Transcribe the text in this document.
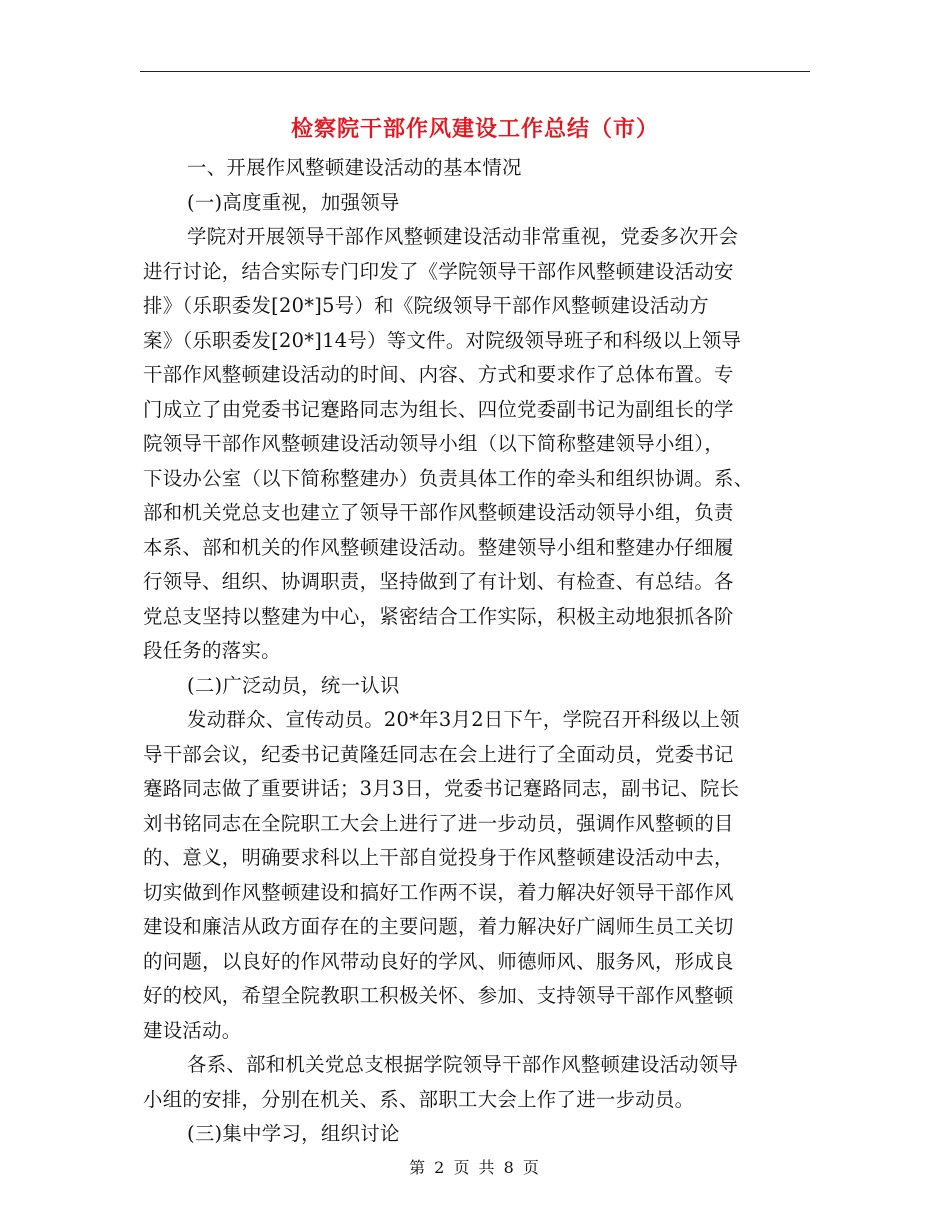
检察院干部作风建设工作总结（市）
一、开展作风整顿建设活动的基本情况
(一)高度重视，加强领导
学院对开展领导干部作风整顿建设活动非常重视，党委多次开会
进行讨论，结合实际专门印发了《学院领导干部作风整顿建设活动安
排》（乐职委发[20*]5号）和《院级领导干部作风整顿建设活动方
案》（乐职委发[20*]14号）等文件。对院级领导班子和科级以上领导
干部作风整顿建设活动的时间、内容、方式和要求作了总体布置。专
门成立了由党委书记蹇路同志为组长、四位党委副书记为副组长的学
院领导干部作风整顿建设活动领导小组（以下简称整建领导小组），
下设办公室（以下简称整建办）负责具体工作的牵头和组织协调。系、
部和机关党总支也建立了领导干部作风整顿建设活动领导小组，负责
本系、部和机关的作风整顿建设活动。整建领导小组和整建办仔细履
行领导、组织、协调职责，坚持做到了有计划、有检查、有总结。各
党总支坚持以整建为中心，紧密结合工作实际，积极主动地狠抓各阶
段任务的落实。
(二)广泛动员，统一认识
发动群众、宣传动员。20*年3月2日下午，学院召开科级以上领
导干部会议，纪委书记黄隆廷同志在会上进行了全面动员，党委书记
蹇路同志做了重要讲话；3月3日，党委书记蹇路同志，副书记、院长
刘书铭同志在全院职工大会上进行了进一步动员，强调作风整顿的目
的、意义，明确要求科以上干部自觉投身于作风整顿建设活动中去，
切实做到作风整顿建设和搞好工作两不误，着力解决好领导干部作风
建设和廉洁从政方面存在的主要问题，着力解决好广阔师生员工关切
的问题，以良好的作风带动良好的学风、师德师风、服务风，形成良
好的校风，希望全院教职工积极关怀、参加、支持领导干部作风整顿
建设活动。
各系、部和机关党总支根据学院领导干部作风整顿建设活动领导
小组的安排，分别在机关、系、部职工大会上作了进一步动员。
(三)集中学习，组织讨论
第 2 页 共 8 页
